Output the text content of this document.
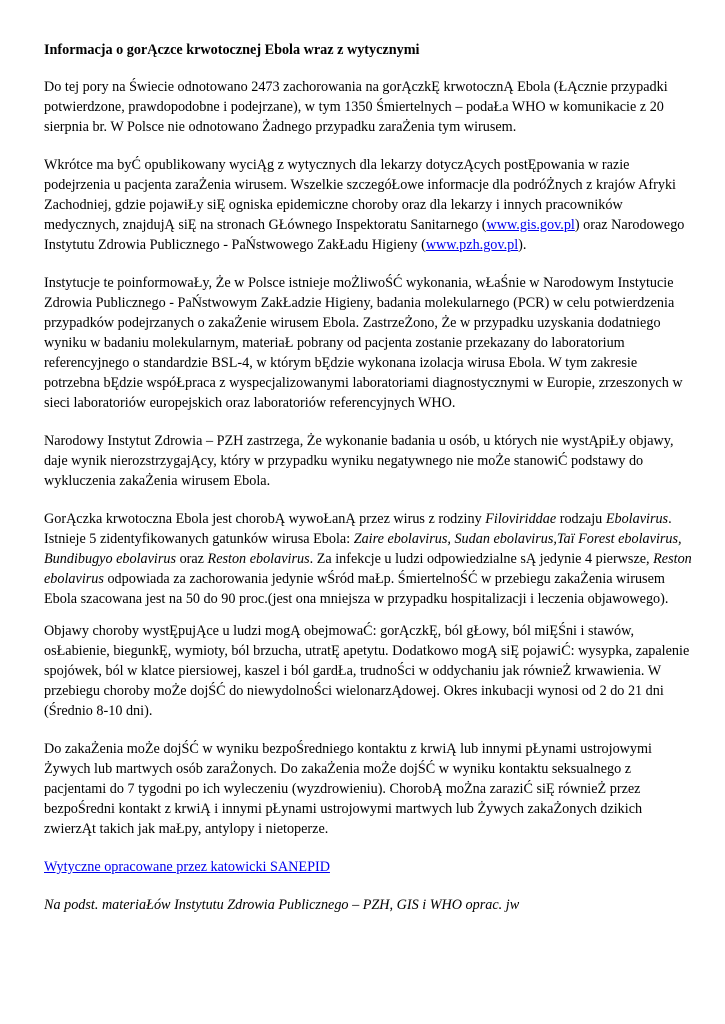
Informacja o gorĄczce krwotocznej Ebola wraz z wytycznymi

Do tej pory na Świecie odnotowano 2473 zachorowania na gorĄczkĘ krwotocznĄ Ebola (ŁĄcznie przypadki potwierdzone, prawdopodobne i podejrzane), w tym 1350 Śmiertelnych – podaŁa WHO w komunikacie z 20 sierpnia br. W Polsce nie odnotowano Żadnego przypadku zaraŻenia tym wirusem.

Wkrótce ma byĆ opublikowany wyciĄg z wytycznych dla lekarzy dotyczĄcych postĘpowania w razie podejrzenia u pacjenta zaraŻenia wirusem. Wszelkie szczegóŁowe informacje dla podróŻnych z krajów Afryki Zachodniej, gdzie pojawiŁy siĘ ogniska epidemiczne choroby oraz dla lekarzy i innych pracowników medycznych, znajdujĄ siĘ na stronach GŁównego Inspektoratu Sanitarnego (www.gis.gov.pl) oraz Narodowego Instytutu Zdrowia Publicznego - PaŃstwowego ZakŁadu Higieny (www.pzh.gov.pl).

Instytucje te poinformowaŁy, Że w Polsce istnieje moŻliwoŚĆ wykonania, wŁaŚnie w Narodowym Instytucie Zdrowia Publicznego - PaŃstwowym ZakŁadzie Higieny, badania molekularnego (PCR) w celu potwierdzenia przypadków podejrzanych o zakaŻenie wirusem Ebola. ZastrzeŻono, Że w przypadku uzyskania dodatniego wyniku w badaniu molekularnym, materiaŁ pobrany od pacjenta zostanie przekazany do laboratorium referencyjnego o standardzie BSL-4, w którym bĘdzie wykonana izolacja wirusa Ebola. W tym zakresie potrzebna bĘdzie wspóŁpraca z wyspecjalizowanymi laboratoriami diagnostycznymi w Europie, zrzeszonych w sieci laboratoriów europejskich oraz laboratoriów referencyjnych WHO.

Narodowy Instytut Zdrowia – PZH zastrzega, Że wykonanie badania u osób, u których nie wystĄpiŁy objawy, daje wynik nierozstrzygajĄcy, który w przypadku wyniku negatywnego nie moŻe stanowiĆ podstawy do wykluczenia zakaŻenia wirusem Ebola.

GorĄczka krwotoczna Ebola jest chorobĄ wywoŁanĄ przez wirus z rodziny Filoviriddae rodzaju Ebolavirus. Istnieje 5 zidentyfikowanych gatunków wirusa Ebola: Zaire ebolavirus, Sudan ebolavirus,Taï Forest ebolavirus, Bundibugyo ebolavirus oraz Reston ebolavirus. Za infekcje u ludzi odpowiedzialne sĄ jedynie 4 pierwsze, Reston ebolavirus odpowiada za zachorowania jedynie wŚród maŁp. ŚmiertelnoŚĆ w przebiegu zakaŻenia wirusem Ebola szacowana jest na 50 do 90 proc.(jest ona mniejsza w przypadku hospitalizacji i leczenia objawowego).

Objawy choroby wystĘpujĄce u ludzi mogĄ obejmowaĆ: gorĄczkĘ, ból gŁowy, ból miĘŚni i stawów, osŁabienie, biegunkĘ, wymioty, ból brzucha, utratĘ apetytu. Dodatkowo mogĄ siĘ pojawiĆ: wysypka, zapalenie spojówek, ból w klatce piersiowej, kaszel i ból gardŁa, trudnoŚci w oddychaniu jak równieŻ krwawienia. W przebiegu choroby moŻe dojŚĆ do niewydolnoŚci wielonarzĄdowej. Okres inkubacji wynosi od 2 do 21 dni (Średnio 8-10 dni).

Do zakaŻenia moŻe dojŚĆ w wyniku bezpoŚredniego kontaktu z krwiĄ lub innymi pŁynami ustrojowymi Żywych lub martwych osób zaraŻonych. Do zakaŻenia moŻe dojŚĆ w wyniku kontaktu seksualnego z pacjentami do 7 tygodni po ich wyleczeniu (wyzdrowieniu). ChorobĄ moŻna zaraziĆ siĘ równieŻ przez bezpoŚredni kontakt z krwiĄ i innymi pŁynami ustrojowymi martwych lub Żywych zakaŻonych dzikich zwierzĄt takich jak maŁpy, antylopy i nietoperze.

Wytyczne opracowane przez katowicki SANEPID

Na podst. materiaŁów Instytutu Zdrowia Publicznego – PZH, GIS i WHO oprac. jw
